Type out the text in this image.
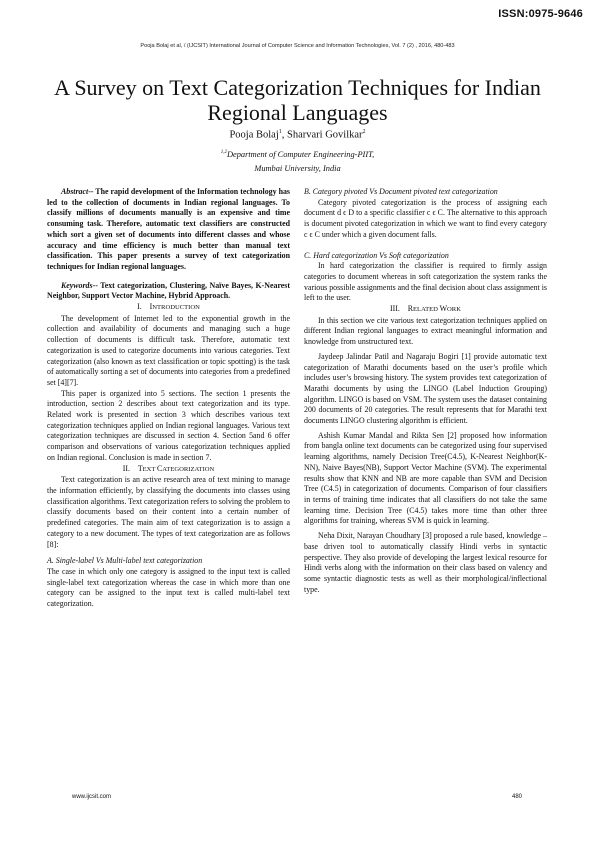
ISSN:0975-9646
Pooja Bolaj et al, / (IJCSIT) International Journal of Computer Science and Information Technologies, Vol. 7 (2) , 2016, 480-483
A Survey on Text Categorization Techniques for Indian Regional Languages
Pooja Bolaj$^1$, Sharvari Govilkar$^2$
$^{1,2}$Department of Computer Engineering-PIIT,
Mumbai University, India

Abstract-- The rapid development of the Information technology has led to the collection of documents in Indian regional languages. To classify millions of documents manually is an expensive and time consuming task. Therefore, automatic text classifiers are constructed which sort a given set of documents into different classes and whose accuracy and time efficiency is much better than manual text classification. This paper presents a survey of text categorization techniques for Indian regional languages.

Keywords-- Text categorization, Clustering, Naïve Bayes, K-Nearest Neighbor, Support Vector Machine, Hybrid Approach.

I. INTRODUCTION

The development of Internet led to the exponential growth in the collection and availability of documents and managing such a huge collection of documents is difficult task. Therefore, automatic text categorization is used to categorize documents into various categories. Text categorization (also known as text classification or topic spotting) is the task of automatically sorting a set of documents into categories from a predefined set [4][7].

This paper is organized into 5 sections. The section 1 presents the introduction, section 2 describes about text categorization and its type. Related work is presented in section 3 which describes various text categorization techniques applied on Indian regional languages. Various text categorization techniques are discussed in section 4. Section 5and 6 offer comparison and observations of various categorization techniques applied on Indian regional. Conclusion is made in section 7.

II. TEXT CATEGORIZATION

Text categorization is an active research area of text mining to manage the information efficiently, by classifying the documents into classes using classification algorithms. Text categorization refers to solving the problem to classify documents based on their content into a certain number of predefined categories. The main aim of text categorization is to assign a category to a new document. The types of text categorization are as follows [8]:

A. Single-label Vs Multi-label text categorization

The case in which only one category is assigned to the input text is called single-label text categorization whereas the case in which more than one category can be assigned to the input text is called multi-label text categorization.

B. Category pivoted Vs Document pivoted text categorization

Category pivoted categorization is the process of assigning each document d ϵ D to a specific classifier c ϵ C. The alternative to this approach is document pivoted categorization in which we want to find every category c ϵ C under which a given document falls.

C. Hard categorization Vs Soft categorization

In hard categorization the classifier is required to firmly assign categories to document whereas in soft categorization the system ranks the various possible assignments and the final decision about class assignment is left to the user.

III. RELATED WORK

In this section we cite various text categorization techniques applied on different Indian regional languages to extract meaningful information and knowledge from unstructured text.

Jaydeep Jalindar Patil and Nagaraju Bogiri [1] provide automatic text categorization of Marathi documents based on the user’s profile which includes user’s browsing history. The system provides text categorization of Marathi documents by using the LINGO (Label Induction Grouping) algorithm. LINGO is based on VSM. The system uses the dataset containing 200 documents of 20 categories. The result represents that for Marathi text documents LINGO clustering algorithm is efficient.

Ashish Kumar Mandal and Rikta Sen [2] proposed how information from bangla online text documents can be categorized using four supervised learning algorithms, namely Decision Tree(C4.5), K-Nearest Neighbor(K-NN), Naive Bayes(NB), Support Vector Machine (SVM). The experimental results show that KNN and NB are more capable than SVM and Decision Tree (C4.5) in categorization of documents. Comparison of four classifiers in terms of training time indicates that all classifiers do not take the same learning time. Decision Tree (C4.5) takes more time than other three algorithms for training, whereas SVM is quick in learning.

Neha Dixit, Narayan Choudhary [3] proposed a rule based, knowledge –base driven tool to automatically classify Hindi verbs in syntactic perspective. They also provide of developing the largest lexical resource for Hindi verbs along with the information on their class based on valency and some syntactic diagnostic tests as well as their morphological/inflectional type.

www.ijcsit.com	480
